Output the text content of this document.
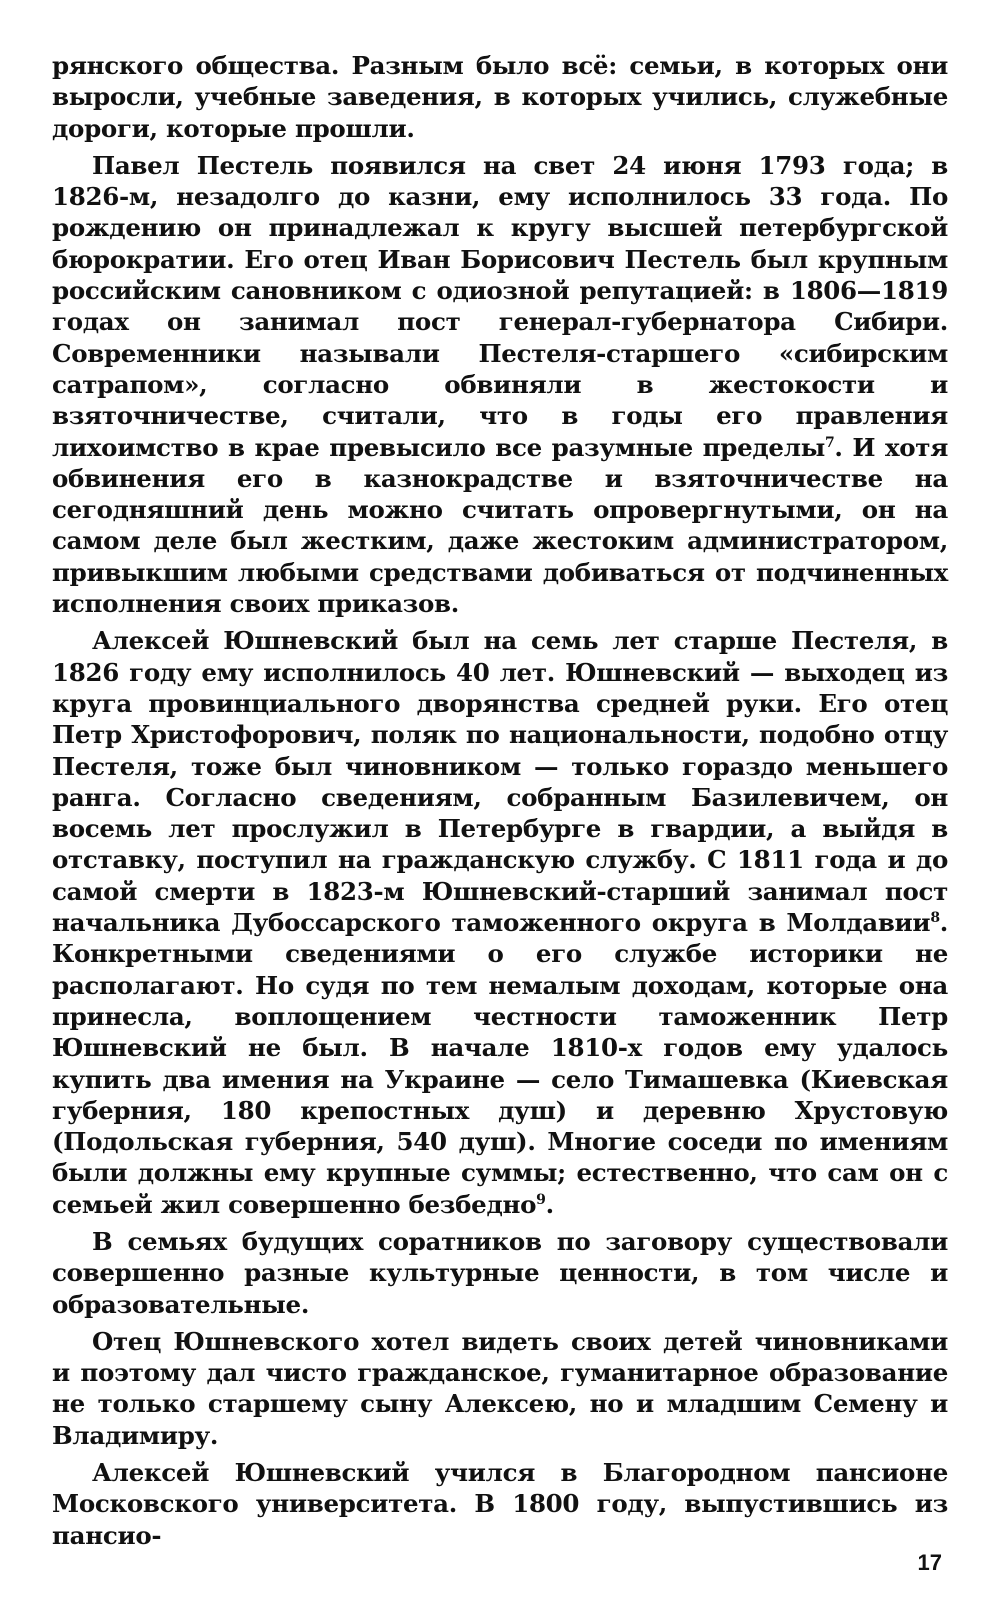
рянского общества. Разным было всё: семьи, в которых они выросли, учебные заведения, в которых учились, служебные дороги, которые прошли.

Павел Пестель появился на свет 24 июня 1793 года; в 1826-м, незадолго до казни, ему исполнилось 33 года. По рождению он принадлежал к кругу высшей петербургской бюрократии. Его отец Иван Борисович Пестель был крупным российским сановником с одиозной репутацией: в 1806—1819 годах он занимал пост генерал-губернатора Сибири. Современники называли Пестеля-старшего «сибирским сатрапом», согласно обвиняли в жестокости и взяточничестве, считали, что в годы его правления лихоимство в крае превысило все разумные пределы$^7$. И хотя обвинения его в казнокрадстве и взяточничестве на сегодняшний день можно считать опровергнутыми, он на самом деле был жестким, даже жестоким администратором, привыкшим любыми средствами добиваться от подчиненных исполнения своих приказов.

Алексей Юшневский был на семь лет старше Пестеля, в 1826 году ему исполнилось 40 лет. Юшневский — выходец из круга провинциального дворянства средней руки. Его отец Петр Христофорович, поляк по национальности, подобно отцу Пестеля, тоже был чиновником — только гораздо меньшего ранга. Согласно сведениям, собранным Базилевичем, он восемь лет прослужил в Петербурге в гвардии, а выйдя в отставку, поступил на гражданскую службу. С 1811 года и до самой смерти в 1823-м Юшневский-старший занимал пост начальника Дубоссарского таможенного округа в Молдавии$^8$. Конкретными сведениями о его службе историки не располагают. Но судя по тем немалым доходам, которые она принесла, воплощением честности таможенник Петр Юшневский не был. В начале 1810-х годов ему удалось купить два имения на Украине — село Тимашевка (Киевская губерния, 180 крепостных душ) и деревню Хрустовую (Подольская губерния, 540 душ). Многие соседи по имениям были должны ему крупные суммы; естественно, что сам он с семьей жил совершенно безбедно$^9$.

В семьях будущих соратников по заговору существовали совершенно разные культурные ценности, в том числе и образовательные.

Отец Юшневского хотел видеть своих детей чиновниками и поэтому дал чисто гражданское, гуманитарное образование не только старшему сыну Алексею, но и младшим Семену и Владимиру.

Алексей Юшневский учился в Благородном пансионе Московского университета. В 1800 году, выпустившись из пансио-

17
